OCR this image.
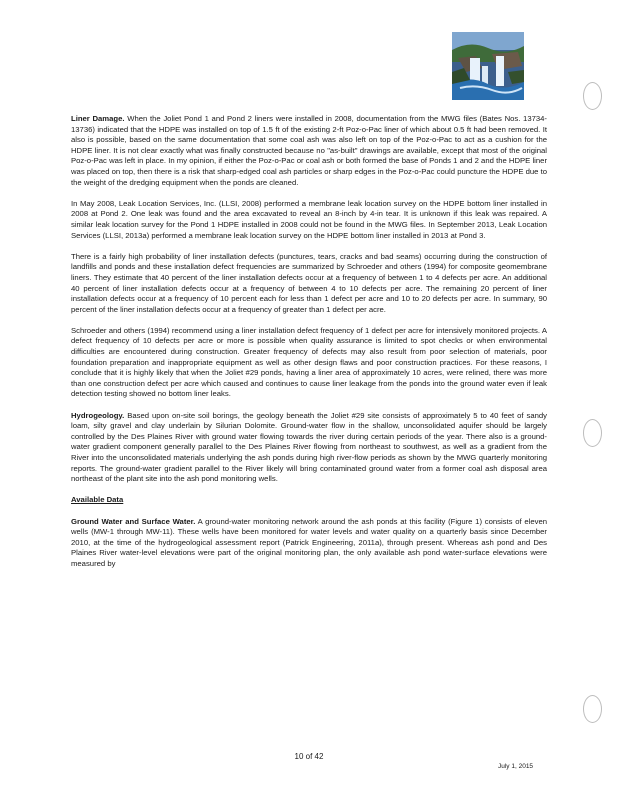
Liner Damage. When the Joliet Pond 1 and Pond 2 liners were installed in 2008, documentation from the MWG files (Bates Nos. 13734-13736) indicated that the HDPE was installed on top of 1.5 ft of the existing 2-ft Poz-o-Pac liner of which about 0.5 ft had been removed. It also is possible, based on the same documentation that some coal ash was also left on top of the Poz-o-Pac to act as a cushion for the HDPE liner. It is not clear exactly what was finally constructed because no "as-built" drawings are available, except that most of the original Poz-o-Pac was left in place. In my opinion, if either the Poz-o-Pac or coal ash or both formed the base of Ponds 1 and 2 and the HDPE liner was placed on top, then there is a risk that sharp-edged coal ash particles or sharp edges in the Poz-o-Pac could puncture the HDPE due to the weight of the dredging equipment when the ponds are cleaned.

In May 2008, Leak Location Services, Inc. (LLSI, 2008) performed a membrane leak location survey on the HDPE bottom liner installed in 2008 at Pond 2. One leak was found and the area excavated to reveal an 8-inch by 4-in tear. It is unknown if this leak was repaired. A similar leak location survey for the Pond 1 HDPE installed in 2008 could not be found in the MWG files. In September 2013, Leak Location Services (LLSI, 2013a) performed a membrane leak location survey on the HDPE bottom liner installed in 2013 at Pond 3.

There is a fairly high probability of liner installation defects (punctures, tears, cracks and bad seams) occurring during the construction of landfills and ponds and these installation defect frequencies are summarized by Schroeder and others (1994) for composite geomembrane liners. They estimate that 40 percent of the liner installation defects occur at a frequency of between 1 to 4 defects per acre. An additional 40 percent of liner installation defects occur at a frequency of between 4 to 10 defects per acre. The remaining 20 percent of liner installation defects occur at a frequency of 10 percent each for less than 1 defect per acre and 10 to 20 defects per acre. In summary, 90 percent of the liner installation defects occur at a frequency of greater than 1 defect per acre.

Schroeder and others (1994) recommend using a liner installation defect frequency of 1 defect per acre for intensively monitored projects. A defect frequency of 10 defects per acre or more is possible when quality assurance is limited to spot checks or when environmental difficulties are encountered during construction. Greater frequency of defects may also result from poor selection of materials, poor foundation preparation and inappropriate equipment as well as other design flaws and poor construction practices. For these reasons, I conclude that it is highly likely that when the Joliet #29 ponds, having a liner area of approximately 10 acres, were relined, there was more than one construction defect per acre which caused and continues to cause liner leakage from the ponds into the ground water even if leak detection testing showed no bottom liner leaks.

Hydrogeology. Based upon on-site soil borings, the geology beneath the Joliet #29 site consists of approximately 5 to 40 feet of sandy loam, silty gravel and clay underlain by Silurian Dolomite. Ground-water flow in the shallow, unconsolidated aquifer should be largely controlled by the Des Plaines River with ground water flowing towards the river during certain periods of the year. There also is a ground-water gradient component generally parallel to the Des Plaines River flowing from northeast to southwest, as well as a gradient from the River into the unconsolidated materials underlying the ash ponds during high river-flow periods as shown by the MWG quarterly monitoring reports. The ground-water gradient parallel to the River likely will bring contaminated ground water from a former coal ash disposal area northeast of the plant site into the ash pond monitoring wells.

Available Data

Ground Water and Surface Water. A ground-water monitoring network around the ash ponds at this facility (Figure 1) consists of eleven wells (MW-1 through MW-11). These wells have been monitored for water levels and water quality on a quarterly basis since December 2010, at the time of the hydrogeological assessment report (Patrick Engineering, 2011a), through present. Whereas ash pond and Des Plaines River water-level elevations were part of the original monitoring plan, the only available ash pond water-surface elevations were measured by

10 of 42
July 1, 2015
